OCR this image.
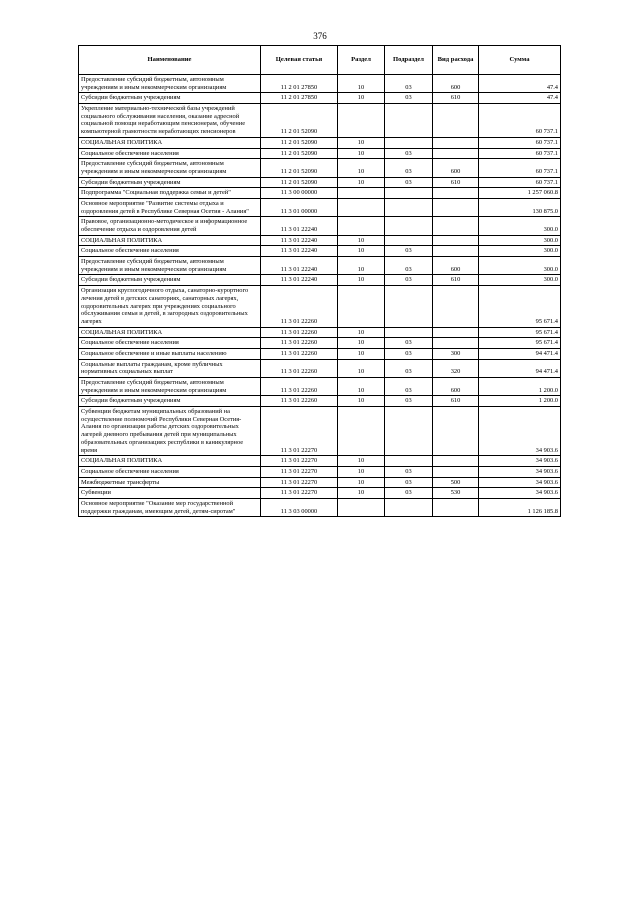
376
Наименование	Целевая статья	Раздел	Подраздел	Вид расхода	Сумма
Предоставление субсидий бюджетным, автономным учреждениям и иным некоммерческим организациям	11 2 01 27850	10	03	600	47.4
Субсидии бюджетным учреждениям	11 2 01 27850	10	03	610	47.4
Укрепление материально-технической базы учреждений социального обслуживания населения, оказание адресной социальной помощи неработающим пенсионерам, обучение компьютерной грамотности неработающих пенсионеров	11 2 01 52090				60 737.1
СОЦИАЛЬНАЯ ПОЛИТИКА	11 2 01 52090	10			60 737.1
Социальное обеспечение населения	11 2 01 52090	10	03		60 737.1
Предоставление субсидий бюджетным, автономным учреждениям и иным некоммерческим организациям	11 2 01 52090	10	03	600	60 737.1
Субсидии бюджетным учреждениям	11 2 01 52090	10	03	610	60 737.1
Подпрограмма "Социальная поддержка семьи и детей"	11 3 00 00000				1 257 060.8
Основное мероприятие "Развитие системы отдыха и оздоровления детей в Республике Северная Осетия - Алания"	11 3 01 00000				130 875.0
Правовое, организационно-методическое и информационное обеспечение отдыха и оздоровления детей	11 3 01 22240				300.0
СОЦИАЛЬНАЯ ПОЛИТИКА	11 3 01 22240	10			300.0
Социальное обеспечение населения	11 3 01 22240	10	03		300.0
Предоставление субсидий бюджетным, автономным учреждениям и иным некоммерческим организациям	11 3 01 22240	10	03	600	300.0
Субсидии бюджетным учреждениям	11 3 01 22240	10	03	610	300.0
Организация круглогодичного отдыха, санаторно-курортного лечения детей в детских санаториях, санаторных лагерях, оздоровительных лагерях при учреждениях социального обслуживания семьи и детей, в загородных оздоровительных лагерях	11 3 01 22260				95 671.4
СОЦИАЛЬНАЯ ПОЛИТИКА	11 3 01 22260	10			95 671.4
Социальное обеспечение населения	11 3 01 22260	10	03		95 671.4
Социальное обеспечение и иные выплаты населению	11 3 01 22260	10	03	300	94 471.4
Социальные выплаты гражданам, кроме публичных нормативных социальных выплат	11 3 01 22260	10	03	320	94 471.4
Предоставление субсидий бюджетным, автономным учреждениям и иным некоммерческим организациям	11 3 01 22260	10	03	600	1 200.0
Субсидии бюджетным учреждениям	11 3 01 22260	10	03	610	1 200.0
Субвенции бюджетам муниципальных образований на осуществление полномочий Республики Северная Осетия-Алания по организации работы детских оздоровительных лагерей дневного пребывания детей при муниципальных образовательных организациях республики в каникулярное время	11 3 01 22270				34 903.6
СОЦИАЛЬНАЯ ПОЛИТИКА	11 3 01 22270	10			34 903.6
Социальное обеспечение населения	11 3 01 22270	10	03		34 903.6
Межбюджетные трансферты	11 3 01 22270	10	03	500	34 903.6
Субвенции	11 3 01 22270	10	03	530	34 903.6
Основное мероприятие "Оказание мер государственной поддержки гражданам, имеющим детей, детям-сиротам"	11 3 03 00000				1 126 185.8
